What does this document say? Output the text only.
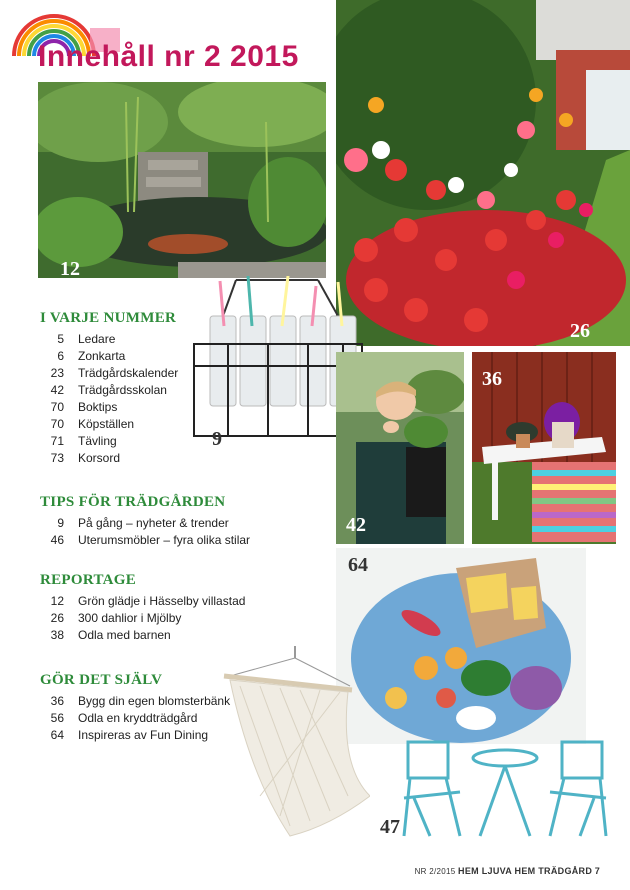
Innehåll nr 2 2015
12
26
9
42
36
64
47
I VARJE NUMMER
5 Ledare
6 Zonkarta
23 Trädgårdskalender
42 Trädgårdsskolan
70 Boktips
70 Köpställen
71 Tävling
73 Korsord
TIPS FÖR TRÄDGÅRDEN
9 På gång – nyheter & trender
46 Uterumsmöbler – fyra olika stilar
REPORTAGE
12 Grön glädje i Hässelby villastad
26 300 dahlior i Mjölby
38 Odla med barnen
GÖR DET SJÄLV
36 Bygg din egen blomsterbänk
56 Odla en kryddträdgård
64 Inspireras av Fun Dining
NR 2/2015 HEM LJUVA HEM TRÄDGÅRD 7
